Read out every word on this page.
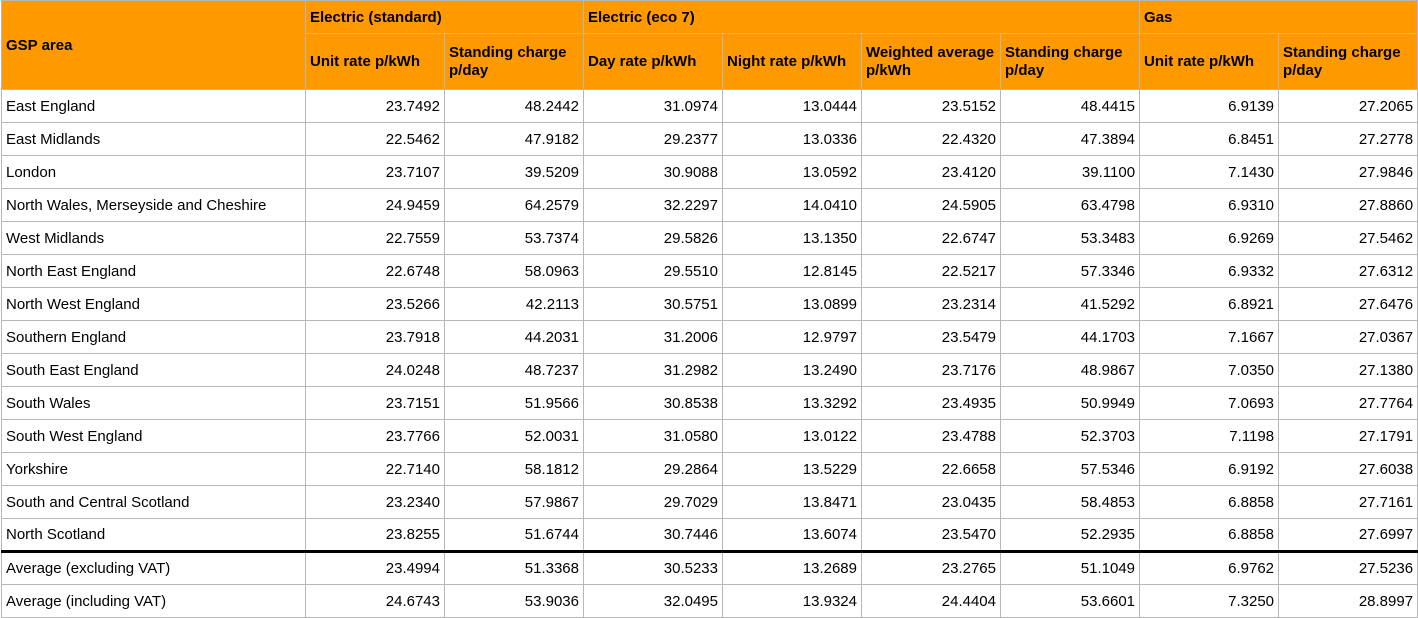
GSP area	Electric (standard)		Electric (eco 7)				Gas	
	Unit rate p/kWh	Standing charge p/day	Day rate p/kWh	Night rate p/kWh	Weighted average p/kWh	Standing charge p/day	Unit rate p/kWh	Standing charge p/day
East England	23.7492	48.2442	31.0974	13.0444	23.5152	48.4415	6.9139	27.2065
East Midlands	22.5462	47.9182	29.2377	13.0336	22.4320	47.3894	6.8451	27.2778
London	23.7107	39.5209	30.9088	13.0592	23.4120	39.1100	7.1430	27.9846
North Wales, Merseyside and Cheshire	24.9459	64.2579	32.2297	14.0410	24.5905	63.4798	6.9310	27.8860
West Midlands	22.7559	53.7374	29.5826	13.1350	22.6747	53.3483	6.9269	27.5462
North East England	22.6748	58.0963	29.5510	12.8145	22.5217	57.3346	6.9332	27.6312
North West England	23.5266	42.2113	30.5751	13.0899	23.2314	41.5292	6.8921	27.6476
Southern England	23.7918	44.2031	31.2006	12.9797	23.5479	44.1703	7.1667	27.0367
South East England	24.0248	48.7237	31.2982	13.2490	23.7176	48.9867	7.0350	27.1380
South Wales	23.7151	51.9566	30.8538	13.3292	23.4935	50.9949	7.0693	27.7764
South West England	23.7766	52.0031	31.0580	13.0122	23.4788	52.3703	7.1198	27.1791
Yorkshire	22.7140	58.1812	29.2864	13.5229	22.6658	57.5346	6.9192	27.6038
South and Central Scotland	23.2340	57.9867	29.7029	13.8471	23.0435	58.4853	6.8858	27.7161
North Scotland	23.8255	51.6744	30.7446	13.6074	23.5470	52.2935	6.8858	27.6997
Average (excluding VAT)	23.4994	51.3368	30.5233	13.2689	23.2765	51.1049	6.9762	27.5236
Average (including VAT)	24.6743	53.9036	32.0495	13.9324	24.4404	53.6601	7.3250	28.8997
